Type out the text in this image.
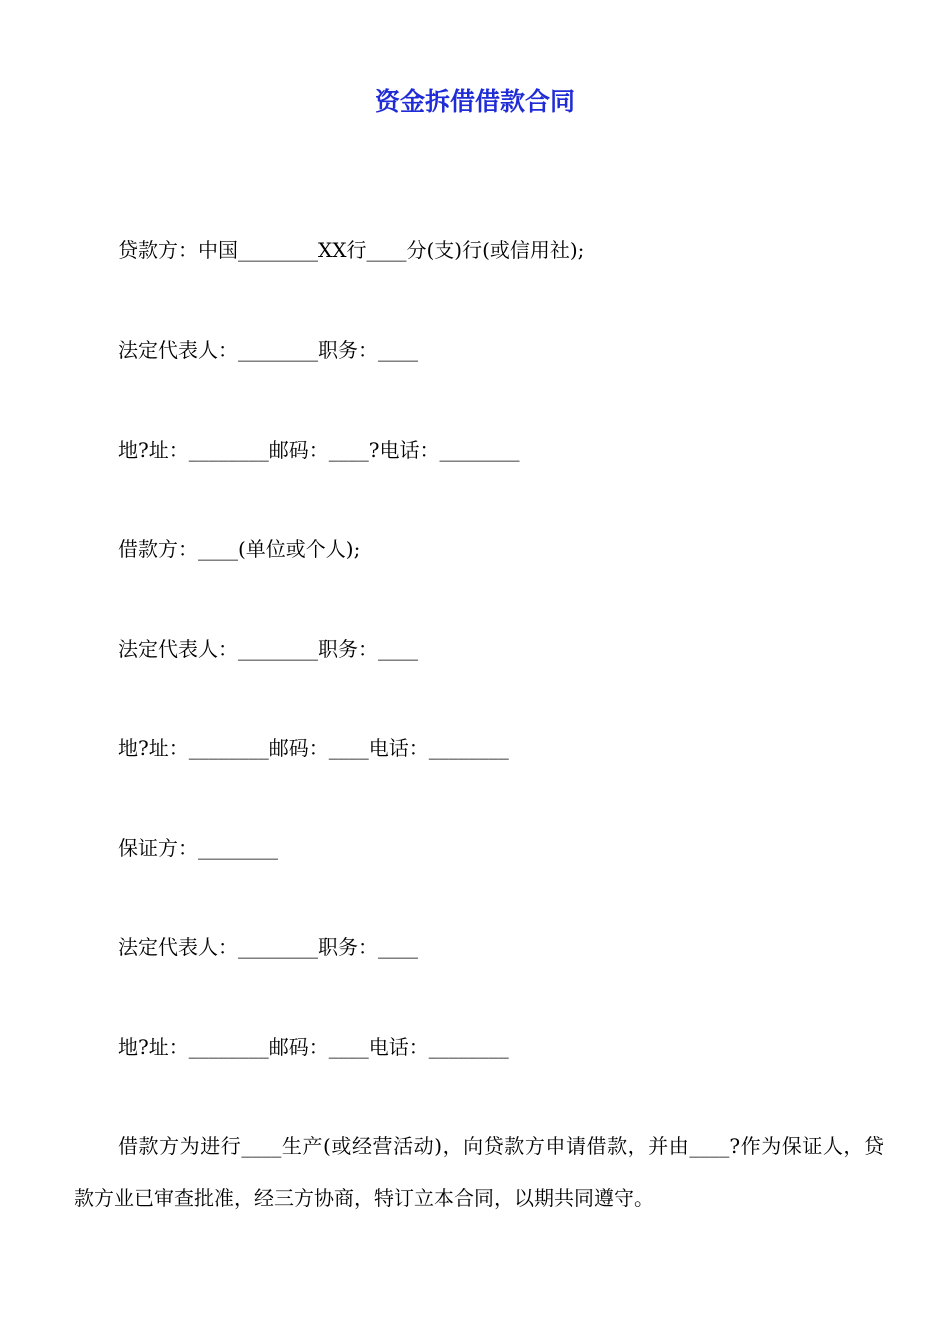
资金拆借借款合同
贷款方：中国________XX行____分(支)行(或信用社);
法定代表人：________职务：____
地?址：________邮码：____?电话：________
借款方：____(单位或个人);
法定代表人：________职务：____
地?址：________邮码：____电话：________
保证方：________
法定代表人：________职务：____
地?址：________邮码：____电话：________
借款方为进行____生产(或经营活动)，向贷款方申请借款，并由____?作为保证人，贷款方业已审查批准，经三方协商，特订立本合同，以期共同遵守。
